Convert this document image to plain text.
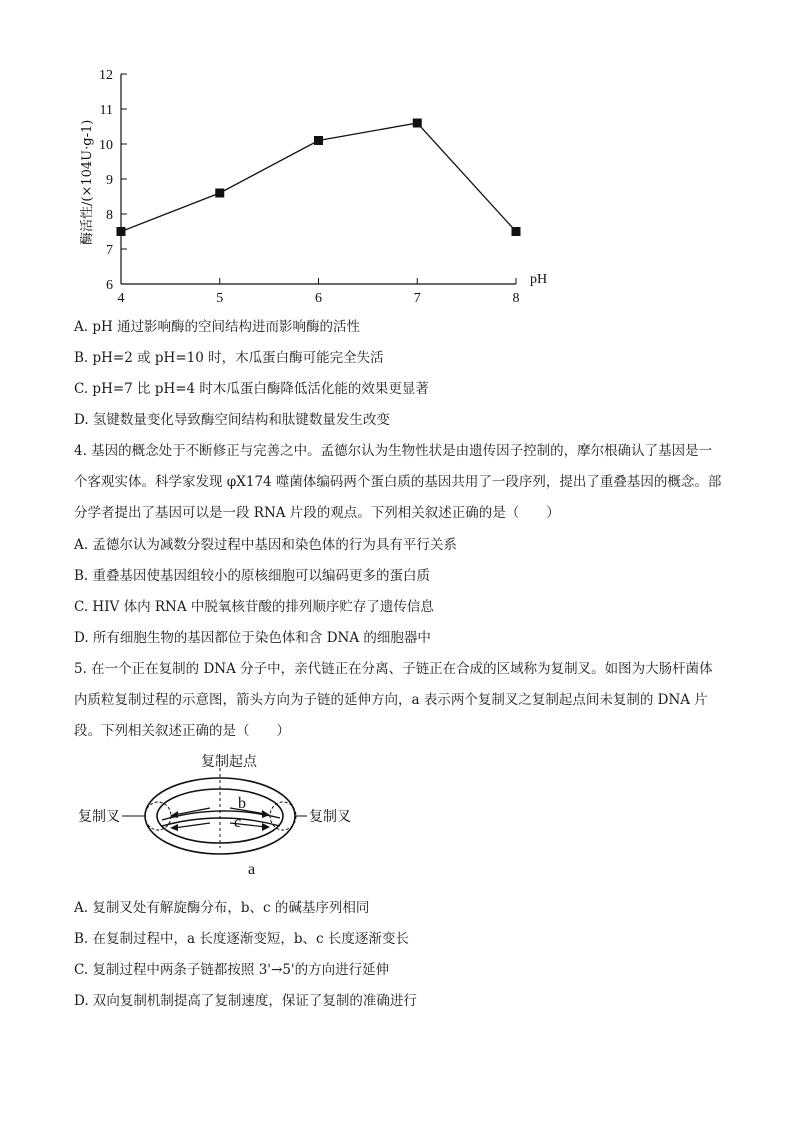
6
7
8
9
10
11
12
4	5	6	7	8
pH
酶活性/(×104U·g-1)
A. pH 通过影响酶的空间结构进而影响酶的活性
B. pH=2 或 pH=10 时，木瓜蛋白酶可能完全失活
C. pH=7 比 pH=4 时木瓜蛋白酶降低活化能的效果更显著
D. 氢键数量变化导致酶空间结构和肽键数量发生改变
4. 基因的概念处于不断修正与完善之中。孟德尔认为生物性状是由遗传因子控制的，摩尔根确认了基因是一个客观实体。科学家发现 φX174 噬菌体编码两个蛋白质的基因共用了一段序列，提出了重叠基因的概念。部分学者提出了基因可以是一段 RNA 片段的观点。下列相关叙述正确的是（　　）
A. 孟德尔认为减数分裂过程中基因和染色体的行为具有平行关系
B. 重叠基因使基因组较小的原核细胞可以编码更多的蛋白质
C. HIV 体内 RNA 中脱氧核苷酸的排列顺序贮存了遗传信息
D. 所有细胞生物的基因都位于染色体和含 DNA 的细胞器中
5. 在一个正在复制的 DNA 分子中，亲代链正在分离、子链正在合成的区域称为复制叉。如图为大肠杆菌体内质粒复制过程的示意图，箭头方向为子链的延伸方向，a 表示两个复制叉之复制起点间未复制的 DNA 片段。下列相关叙述正确的是（　　）
复制起点
复制叉	复制叉
b
c
a
A. 复制叉处有解旋酶分布，b、c 的碱基序列相同
B. 在复制过程中，a 长度逐渐变短，b、c 长度逐渐变长
C. 复制过程中两条子链都按照 3'→5'的方向进行延伸
D. 双向复制机制提高了复制速度，保证了复制的准确进行
